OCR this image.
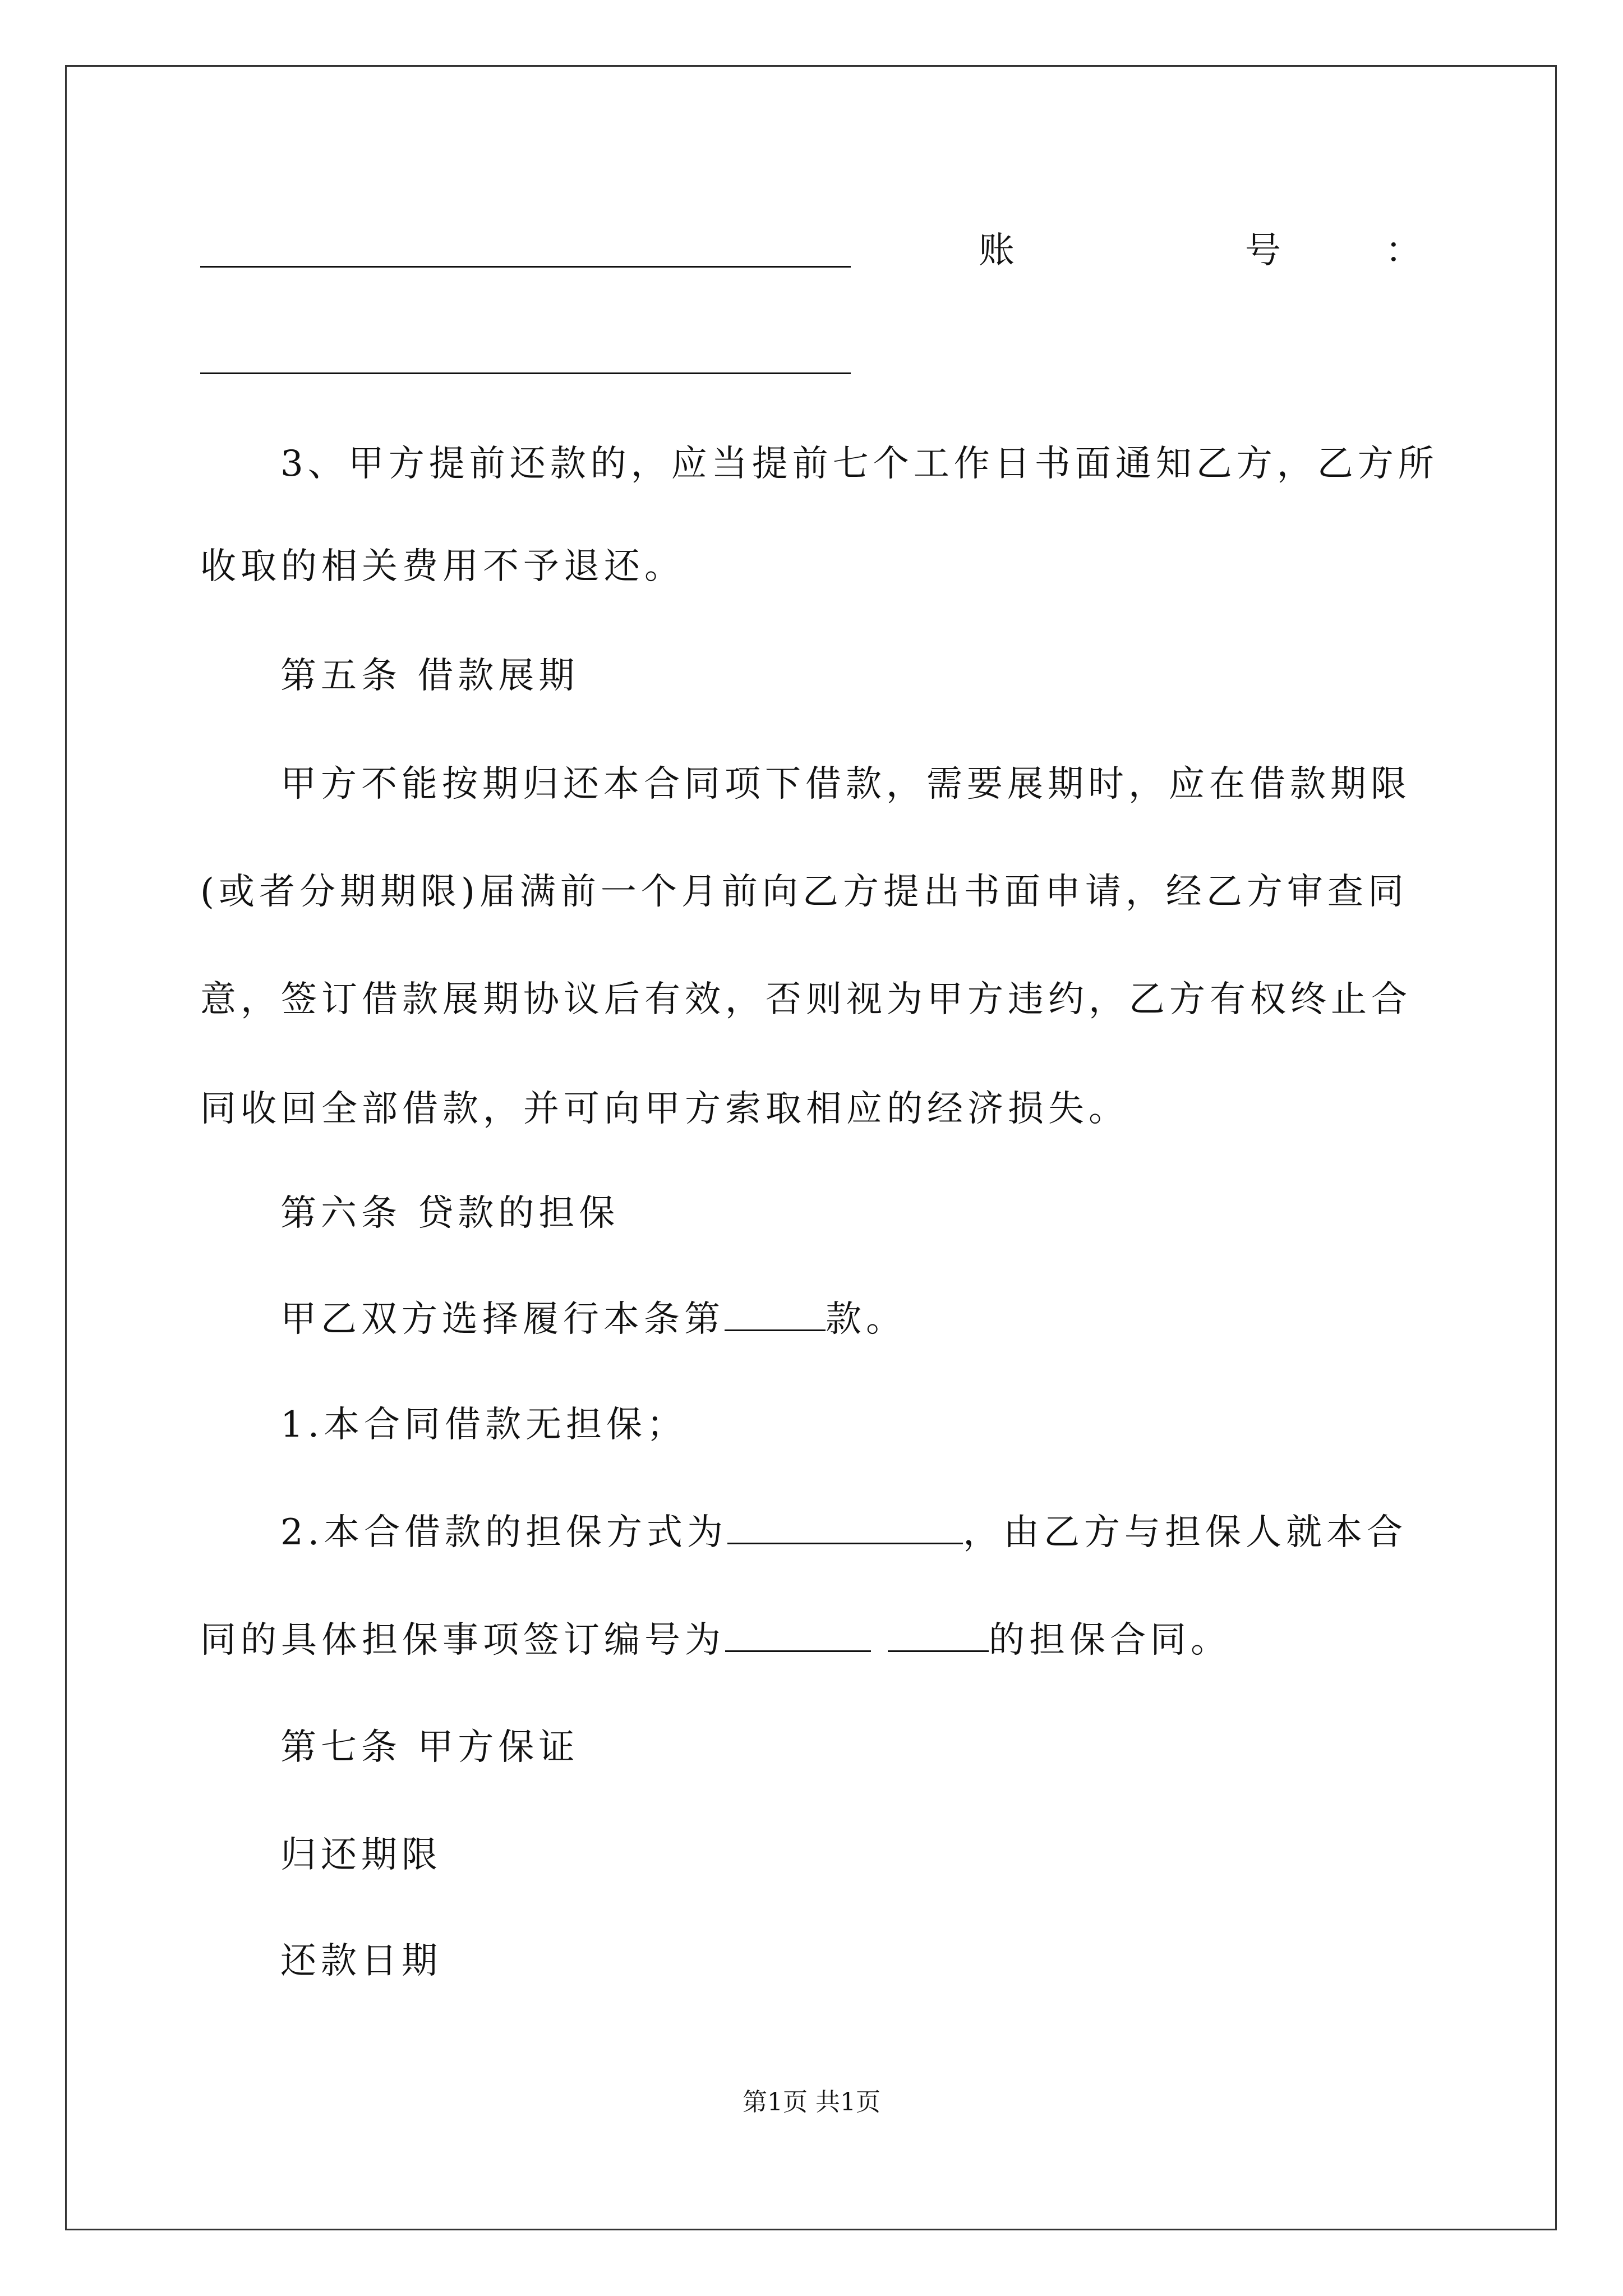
账	号	：
3、甲方提前还款的，应当提前七个工作日书面通知乙方，乙方所
收取的相关费用不予退还。
第五条 借款展期
甲方不能按期归还本合同项下借款，需要展期时，应在借款期限
(或者分期期限)届满前一个月前向乙方提出书面申请，经乙方审查同
意，签订借款展期协议后有效，否则视为甲方违约，乙方有权终止合
同收回全部借款，并可向甲方索取相应的经济损失。
第六条 贷款的担保
甲乙双方选择履行本条第	款。
1.本合同借款无担保；
2.本合借款的担保方式为	，由乙方与担保人就本合
同的具体担保事项签订编号为	的担保合同。
第七条 甲方保证
归还期限
还款日期
第1页 共1页
